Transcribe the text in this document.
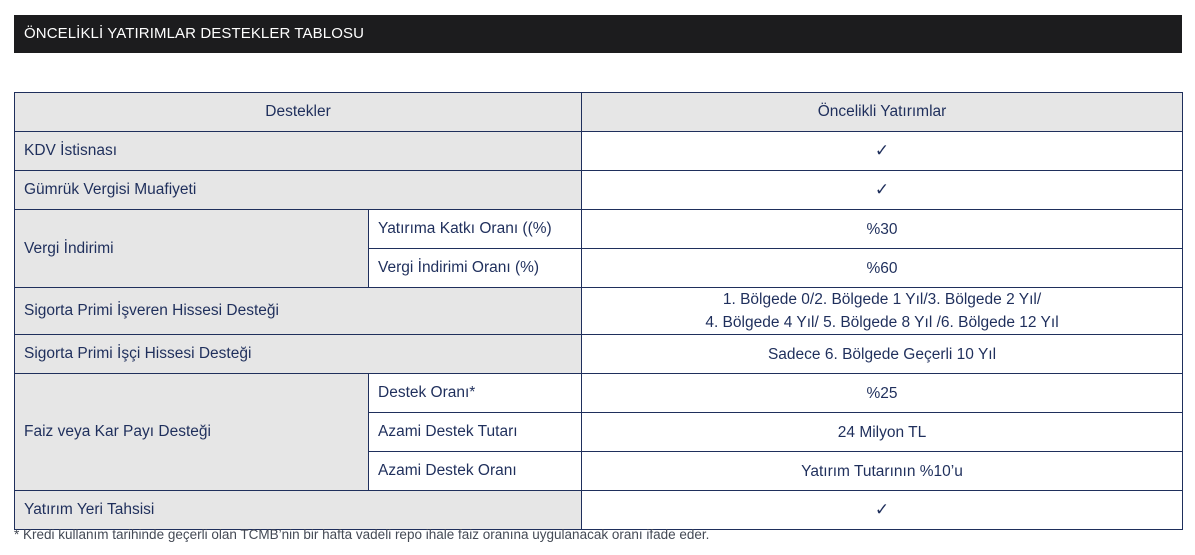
ÖNCELİKLİ YATIRIMLAR DESTEKLER TABLOSU
Destekler		Öncelikli Yatırımlar
KDV İstisnası		✓
Gümrük Vergisi Muafiyeti		✓
Vergi İndirimi	Yatırıma Katkı Oranı ((%)	%30
	Vergi İndirimi Oranı (%)	%60
Sigorta Primi İşveren Hissesi Desteği		1. Bölgede 0/2. Bölgede 1 Yıl/3. Bölgede 2 Yıl/
4. Bölgede 4 Yıl/ 5. Bölgede 8 Yıl /6. Bölgede 12 Yıl

Sigorta Primi İşçi Hissesi Desteği		Sadece 6. Bölgede Geçerli 10 Yıl
Faiz veya Kar Payı Desteği	Destek Oranı*	%25
	Azami Destek Tutarı	24 Milyon TL
	Azami Destek Oranı	Yatırım Tutarının %10’u
Yatırım Yeri Tahsisi		✓
* Kredi kullanım tarihinde geçerli olan TCMB’nin bir hafta vadeli repo ihale faiz oranına uygulanacak oranı ifade eder.
